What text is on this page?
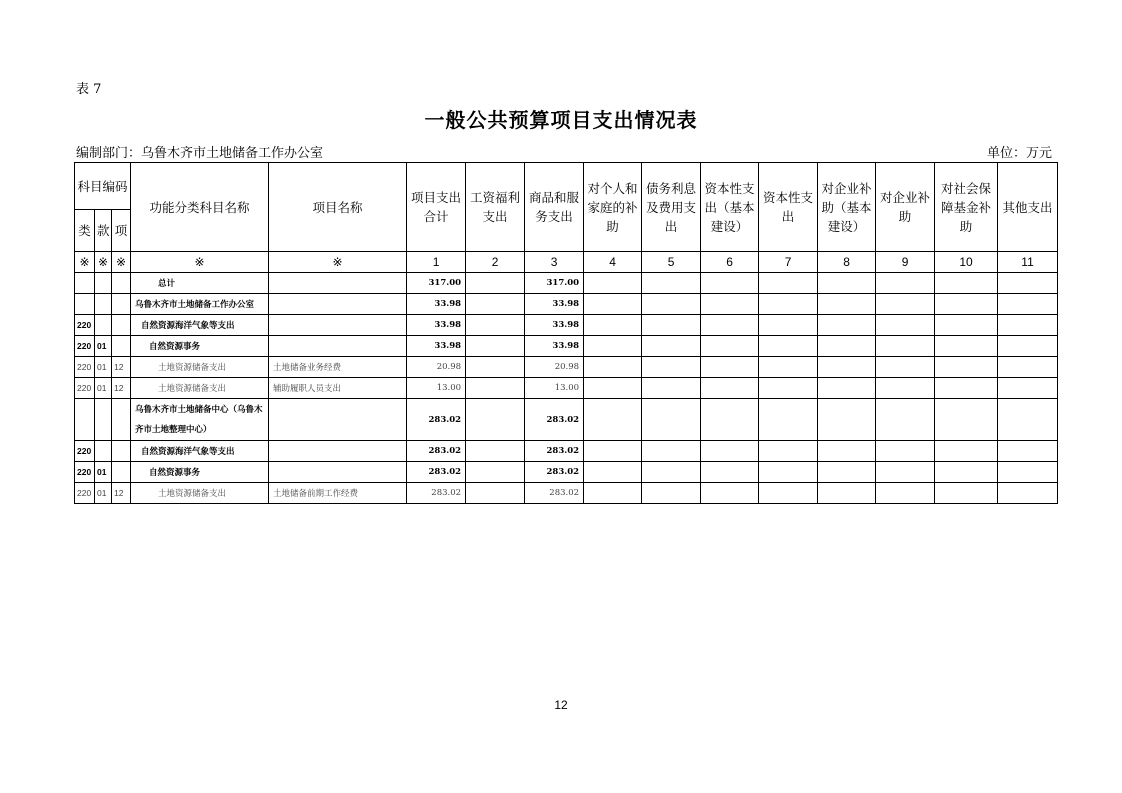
表 7
一般公共预算项目支出情况表
编制部门：乌鲁木齐市土地储备工作办公室	单位：万元
科目编码			功能分类科目名称	项目名称	项目支出合计	工资福利支出	商品和服务支出	对个人和家庭的补助	债务利息及费用支出	资本性支出（基本建设）	资本性支出	对企业补助（基本建设）	对企业补助	对社会保障基金补助	其他支出
类	款	项													
※	※	※	※	※	1	2	3	4	5	6	7	8	9	10	11
			总计		317.00		317.00								
			乌鲁木齐市土地储备工作办公室		33.98		33.98								
220			自然资源海洋气象等支出		33.98		33.98								
220	01		自然资源事务		33.98		33.98								
220	01	12	土地资源储备支出	土地储备业务经费	20.98		20.98								
220	01	12	土地资源储备支出	辅助履职人员支出	13.00		13.00								
			乌鲁木齐市土地储备中心（乌鲁木齐市土地整理中心）		283.02		283.02								
220			自然资源海洋气象等支出		283.02		283.02								
220	01		自然资源事务		283.02		283.02								
220	01	12	土地资源储备支出	土地储备前期工作经费	283.02		283.02								
12
